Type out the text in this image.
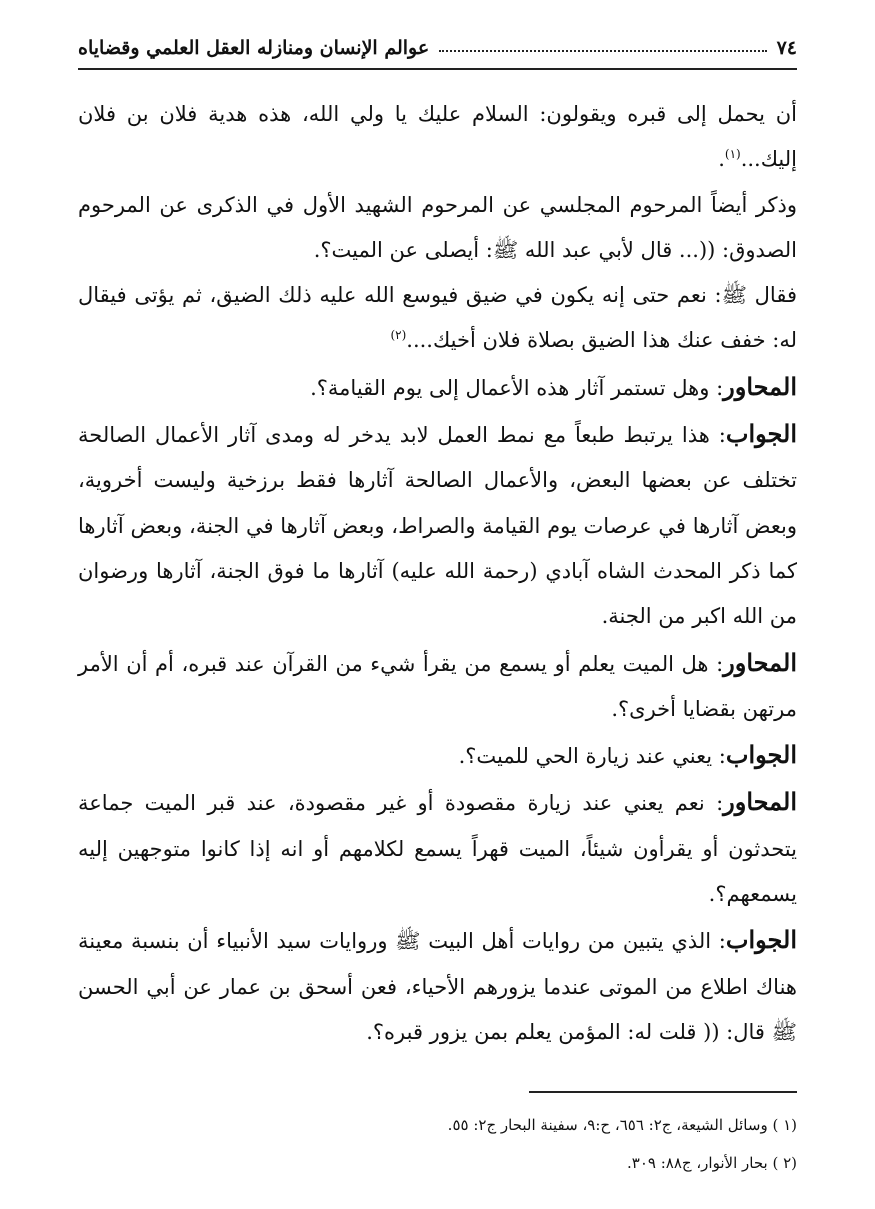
٧٤
عوالم الإنسان ومنازله العقل العلمي وقضاياه

أن يحمل إلى قبره ويقولون: السلام عليك يا ولي الله، هذه هدية فلان بن فلان إليك...$^{(١)}$.

وذكر أيضاً المرحوم المجلسي عن المرحوم الشهيد الأول في الذكرى عن المرحوم الصدوق: ((... قال لأبي عبد الله ﷺ: أيصلى عن الميت؟.

فقال ﷺ: نعم حتى إنه يكون في ضيق فيوسع الله عليه ذلك الضيق، ثم يؤتى فيقال له: خفف عنك هذا الضيق بصلاة فلان أخيك....$^{(٢)}$

المحاور: وهل تستمر آثار هذه الأعمال إلى يوم القيامة؟.

الجواب: هذا يرتبط طبعاً مع نمط العمل لابد يدخر له ومدى آثار الأعمال الصالحة تختلف عن بعضها البعض، والأعمال الصالحة آثارها فقط برزخية وليست أخروية، وبعض آثارها في عرصات يوم القيامة والصراط، وبعض آثارها في الجنة، وبعض آثارها كما ذكر المحدث الشاه آبادي (رحمة الله عليه) آثارها ما فوق الجنة، آثارها ورضوان من الله اكبر من الجنة.

المحاور: هل الميت يعلم أو يسمع من يقرأ شيء من القرآن عند قبره، أم أن الأمر مرتهن بقضايا أخرى؟.

الجواب: يعني عند زيارة الحي للميت؟.

المحاور: نعم يعني عند زيارة مقصودة أو غير مقصودة، عند قبر الميت جماعة يتحدثون أو يقرأون شيئاً، الميت قهراً يسمع لكلامهم أو انه إذا كانوا متوجهين إليه يسمعهم؟.

الجواب: الذي يتبين من روايات أهل البيت ﷺ وروايات سيد الأنبياء أن بنسبة معينة هناك اطلاع من الموتى عندما يزورهم الأحياء، فعن أسحق بن عمار عن أبي الحسن ﷺ قال: (( قلت له: المؤمن يعلم بمن يزور قبره؟.

(١ ) وسائل الشيعة، ج٢: ٦٥٦، ح:٩، سفينة البحار ج٢: ٥٥.

(٢ ) بحار الأنوار، ج٨٨: ٣٠٩.
